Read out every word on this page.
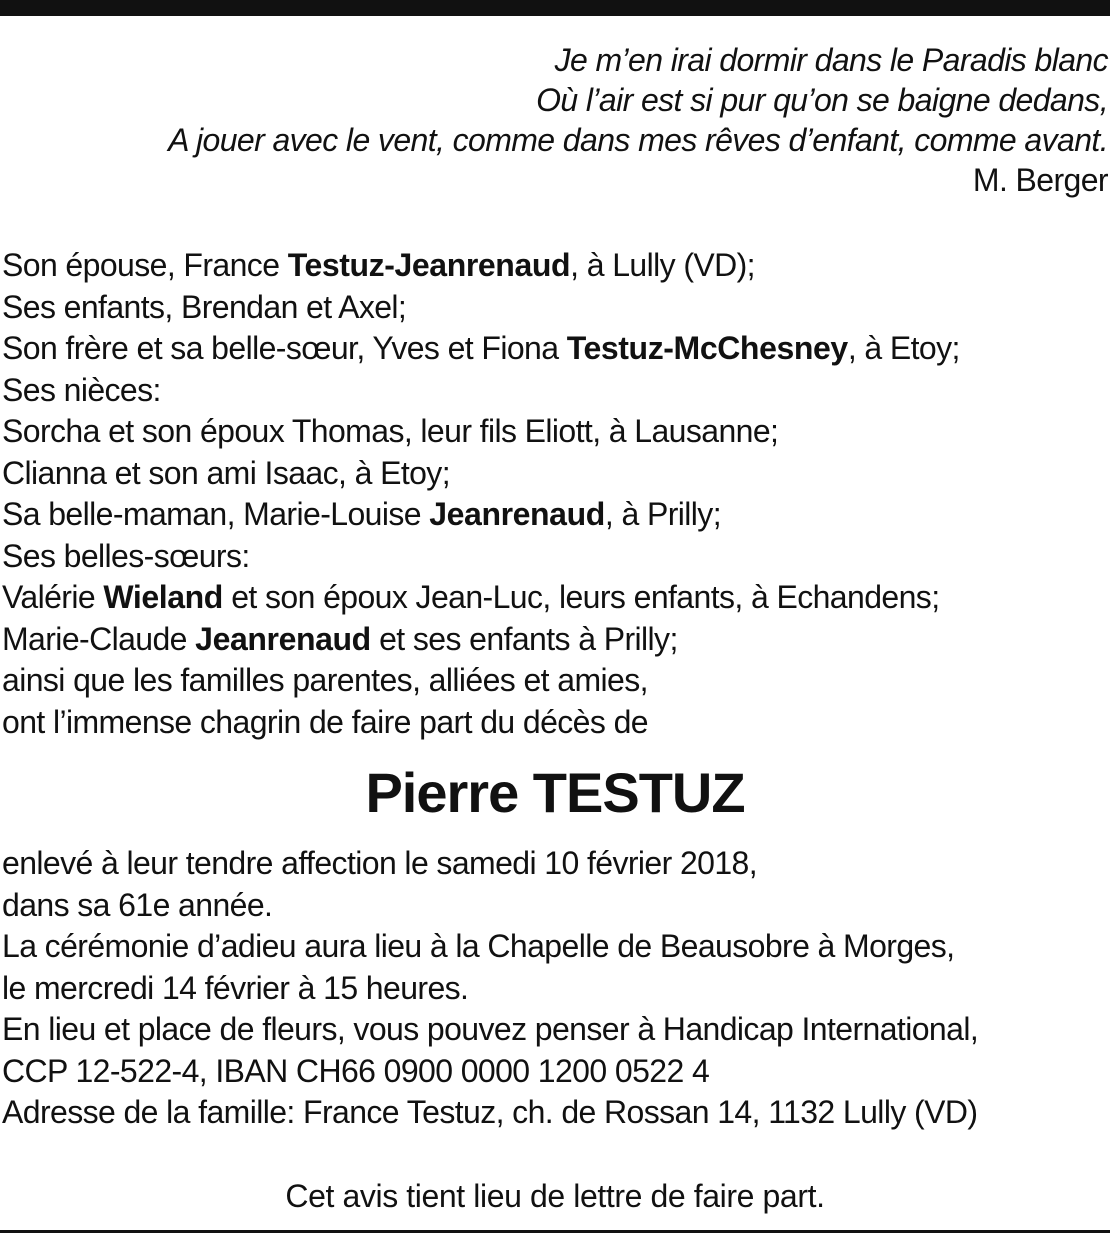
Je m’en irai dormir dans le Paradis blanc
Où l’air est si pur qu’on se baigne dedans,
A jouer avec le vent, comme dans mes rêves d’enfant, comme avant.
M. Berger
Son épouse, France Testuz-Jeanrenaud, à Lully (VD);
Ses enfants, Brendan et Axel;
Son frère et sa belle-sœur, Yves et Fiona Testuz-McChesney, à Etoy;
Ses nièces:
Sorcha et son époux Thomas, leur fils Eliott, à Lausanne;
Clianna et son ami Isaac, à Etoy;
Sa belle-maman, Marie-Louise Jeanrenaud, à Prilly;
Ses belles-sœurs:
Valérie Wieland et son époux Jean-Luc, leurs enfants, à Echandens;
Marie-Claude Jeanrenaud et ses enfants à Prilly;
ainsi que les familles parentes, alliées et amies,
ont l’immense chagrin de faire part du décès de
Pierre TESTUZ
enlevé à leur tendre affection le samedi 10 février 2018,
dans sa 61e année.
La cérémonie d’adieu aura lieu à la Chapelle de Beausobre à Morges,
le mercredi 14 février à 15 heures.
En lieu et place de fleurs, vous pouvez penser à Handicap International,
CCP 12-522-4, IBAN CH66 0900 0000 1200 0522 4
Adresse de la famille: France Testuz, ch. de Rossan 14, 1132 Lully (VD)
Cet avis tient lieu de lettre de faire part.
